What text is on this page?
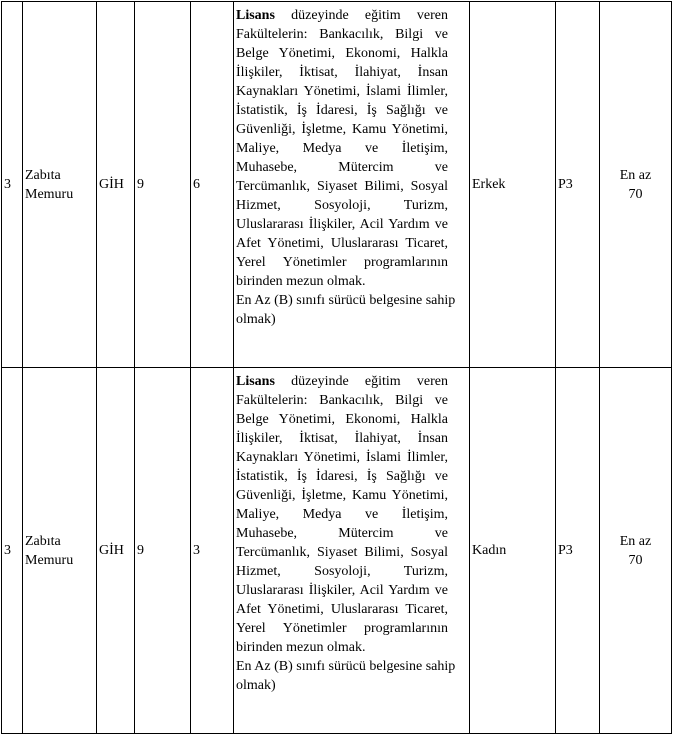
3	Zabıta
Memuru	GİH	9	6	Lisans düzeyinde eğitim veren Fakültelerin: Bankacılık, Bilgi ve Belge Yönetimi, Ekonomi, Halkla İlişkiler, İktisat, İlahiyat, İnsan Kaynakları Yönetimi, İslami İlimler, İstatistik, İş İdaresi, İş Sağlığı ve Güvenliği, İşletme, Kamu Yönetimi, Maliye, Medya ve İletişim, Muhasebe, Mütercim ve Tercümanlık, Siyaset Bilimi, Sosyal Hizmet, Sosyoloji, Turizm, Uluslararası İlişkiler, Acil Yardım ve Afet Yönetimi, Uluslararası Ticaret, Yerel Yönetimler programlarının birinden mezun olmak.
En Az (B) sınıfı sürücü belgesine sahip olmak)	Erkek	P3	En az
70

3	Zabıta
Memuru	GİH	9	3	Lisans düzeyinde eğitim veren Fakültelerin: Bankacılık, Bilgi ve Belge Yönetimi, Ekonomi, Halkla İlişkiler, İktisat, İlahiyat, İnsan Kaynakları Yönetimi, İslami İlimler, İstatistik, İş İdaresi, İş Sağlığı ve Güvenliği, İşletme, Kamu Yönetimi, Maliye, Medya ve İletişim, Muhasebe, Mütercim ve Tercümanlık, Siyaset Bilimi, Sosyal Hizmet, Sosyoloji, Turizm, Uluslararası İlişkiler, Acil Yardım ve Afet Yönetimi, Uluslararası Ticaret, Yerel Yönetimler programlarının birinden mezun olmak.
En Az (B) sınıfı sürücü belgesine sahip olmak)	Kadın	P3	En az
70
